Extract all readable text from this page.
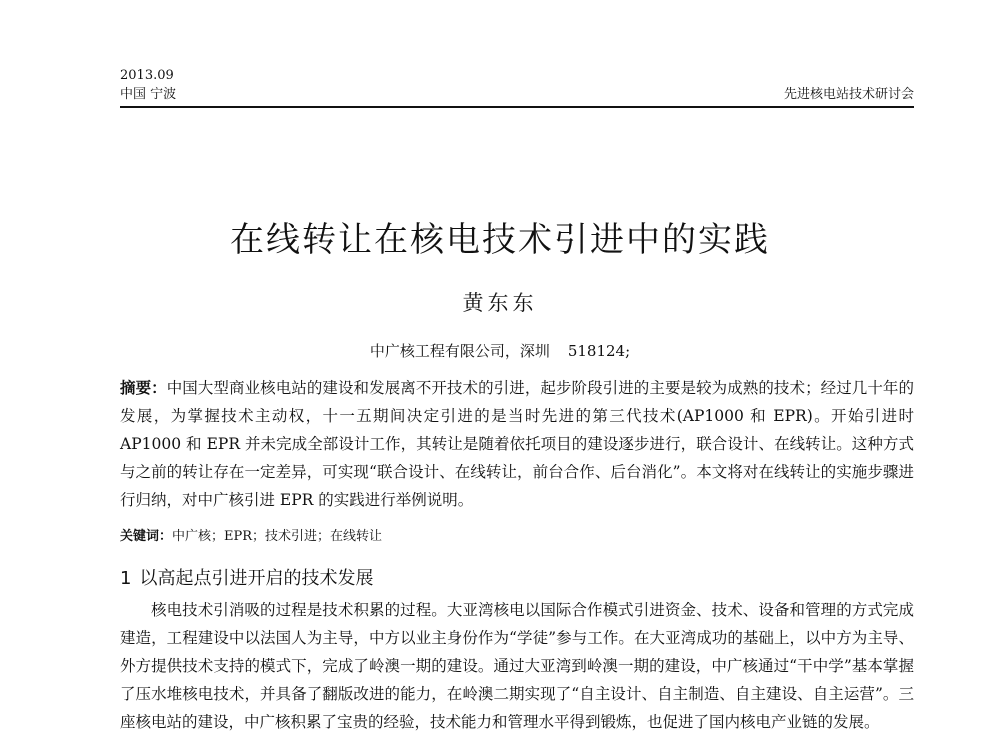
2013.09
中国 宁波	先进核电站技术研讨会
在线转让在核电技术引进中的实践
黄东东
中广核工程有限公司，深圳 518124;
摘要：中国大型商业核电站的建设和发展离不开技术的引进，起步阶段引进的主要是较为成熟的技术；经过几十年的发展，为掌握技术主动权，十一五期间决定引进的是当时先进的第三代技术(AP1000 和 EPR)。开始引进时 AP1000 和 EPR 并未完成全部设计工作，其转让是随着依托项目的建设逐步进行，联合设计、在线转让。这种方式与之前的转让存在一定差异，可实现“联合设计、在线转让，前台合作、后台消化”。本文将对在线转让的实施步骤进行归纳，对中广核引进 EPR 的实践进行举例说明。
关键词：中广核；EPR；技术引进；在线转让
1 以高起点引进开启的技术发展
核电技术引消吸的过程是技术积累的过程。大亚湾核电以国际合作模式引进资金、技术、设备和管理的方式完成建造，工程建设中以法国人为主导，中方以业主身份作为“学徒”参与工作。在大亚湾成功的基础上，以中方为主导、外方提供技术支持的模式下，完成了岭澳一期的建设。通过大亚湾到岭澳一期的建设，中广核通过“干中学”基本掌握了压水堆核电技术，并具备了翻版改进的能力，在岭澳二期实现了“自主设计、自主制造、自主建设、自主运营”。三座核电站的建设，中广核积累了宝贵的经验，技术能力和管理水平得到锻炼，也促进了国内核电产业链的发展。
